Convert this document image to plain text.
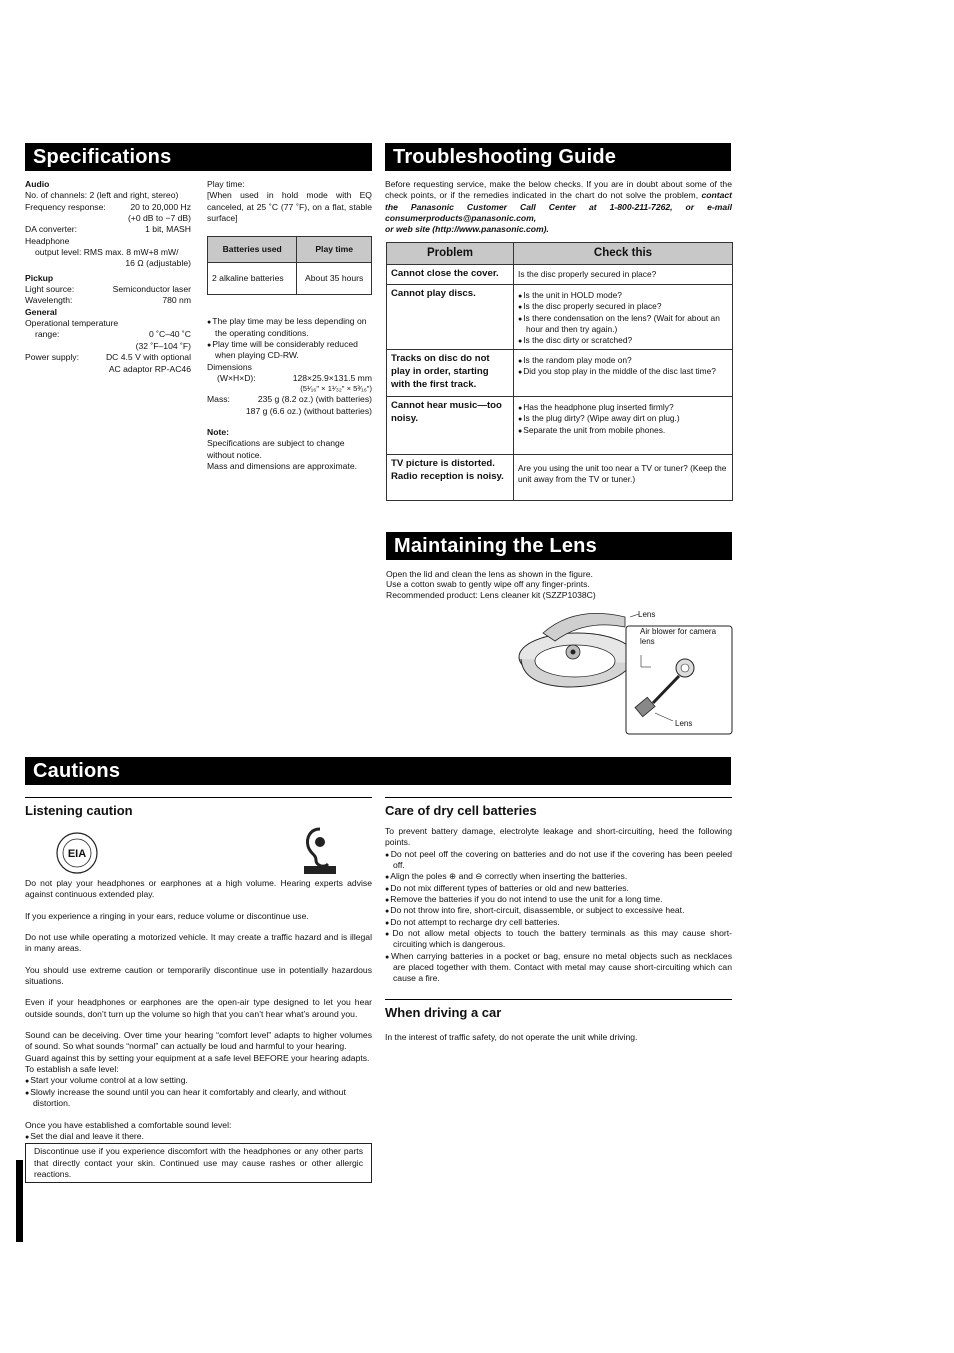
Specifications
Audio
No. of channels: 2 (left and right, stereo)
Frequency response:	20 to 20,000 Hz
(+0 dB to −7 dB)
DA converter:	1 bit, MASH
Headphone
output level: RMS max. 8 mW+8 mW/
16 Ω (adjustable)
Pickup
Light source:	Semiconductor laser
Wavelength:	780 nm
General
Operational temperature
range:	0 ˚C–40 ˚C
(32 ˚F–104 ˚F)
Power supply:	DC 4.5 V with optional
AC adaptor RP-AC46
Play time:
[When used in hold mode with EQ canceled, at 25 ˚C (77 ˚F), on a flat, stable surface]
Batteries used	Play time
2 alkaline batteries	About 35 hours
● The play time may be less depending on the operating conditions.
● Play time will be considerably reduced when playing CD-RW.
Dimensions
(W×H×D):	128×25.9×131.5 mm
(5¹⁄₁₆" × 1¹⁄₃₂" × 5³⁄₁₆")
Mass:	235 g (8.2 oz.) (with batteries)
187 g (6.6 oz.) (without batteries)
Note:
Specifications are subject to change without notice.
Mass and dimensions are approximate.
Troubleshooting Guide
Before requesting service, make the below checks. If you are in doubt about some of the check points, or if the remedies indicated in the chart do not solve the problem, contact the Panasonic Customer Call Center at 1-800-211-7262, or e-mail consumerproducts@panasonic.com,
or web site (http://www.panasonic.com).
Problem	Check this
Cannot close the cover.	Is the disc properly secured in place?

Cannot play discs.	● Is the unit in HOLD mode?
● Is the disc properly secured in place?
● Is there condensation on the lens? (Wait for about an hour and then try again.)
● Is the disc dirty or scratched?

Tracks on disc do not play in order, starting with the first track.	● Is the random play mode on?
● Did you stop play in the middle of the disc last time?

Cannot hear music—too noisy.	● Has the headphone plug inserted firmly?
● Is the plug dirty? (Wipe away dirt on plug.)
● Separate the unit from mobile phones.

TV picture is distorted. Radio reception is noisy.	Are you using the unit too near a TV or tuner? (Keep the unit away from the TV or tuner.)
Maintaining the Lens
Open the lid and clean the lens as shown in the figure.
Use a cotton swab to gently wipe off any finger-prints.
Recommended product: Lens cleaner kit (SZZP1038C)
Lens
Air blower for camera lens
Lens
Cautions
Listening caution
EIA

Do not play your headphones or earphones at a high volume. Hearing experts advise against continuous extended play.

If you experience a ringing in your ears, reduce volume or discontinue use.

Do not use while operating a motorized vehicle. It may create a traffic hazard and is illegal in many areas.

You should use extreme caution or temporarily discontinue use in potentially hazardous situations.

Even if your headphones or earphones are the open-air type designed to let you hear outside sounds, don’t turn up the volume so high that you can’t hear what’s around you.

Sound can be deceiving. Over time your hearing “comfort level” adapts to higher volumes of sound. So what sounds “normal” can actually be loud and harmful to your hearing.

Guard against this by setting your equipment at a safe level BEFORE your hearing adapts.

To establish a safe level:

● Start your volume control at a low setting.
● Slowly increase the sound until you can hear it comfortably and clearly, and without distortion.

Once you have established a comfortable sound level:

● Set the dial and leave it there.
Discontinue use if you experience discomfort with the headphones or any other parts that directly contact your skin. Continued use may cause rashes or other allergic reactions.
Care of dry cell batteries
To prevent battery damage, electrolyte leakage and short-circuiting, heed the following points.
● Do not peel off the covering on batteries and do not use if the covering has been peeled off.
● Align the poles ⊕ and ⊖ correctly when inserting the batteries.
● Do not mix different types of batteries or old and new batteries.
● Remove the batteries if you do not intend to use the unit for a long time.
● Do not throw into fire, short-circuit, disassemble, or subject to excessive heat.
● Do not attempt to recharge dry cell batteries.
● Do not allow metal objects to touch the battery terminals as this may cause short-circuiting which is dangerous.
● When carrying batteries in a pocket or bag, ensure no metal objects such as necklaces are placed together with them. Contact with metal may cause short-circuiting which can cause a fire.
When driving a car
In the interest of traffic safety, do not operate the unit while driving.
